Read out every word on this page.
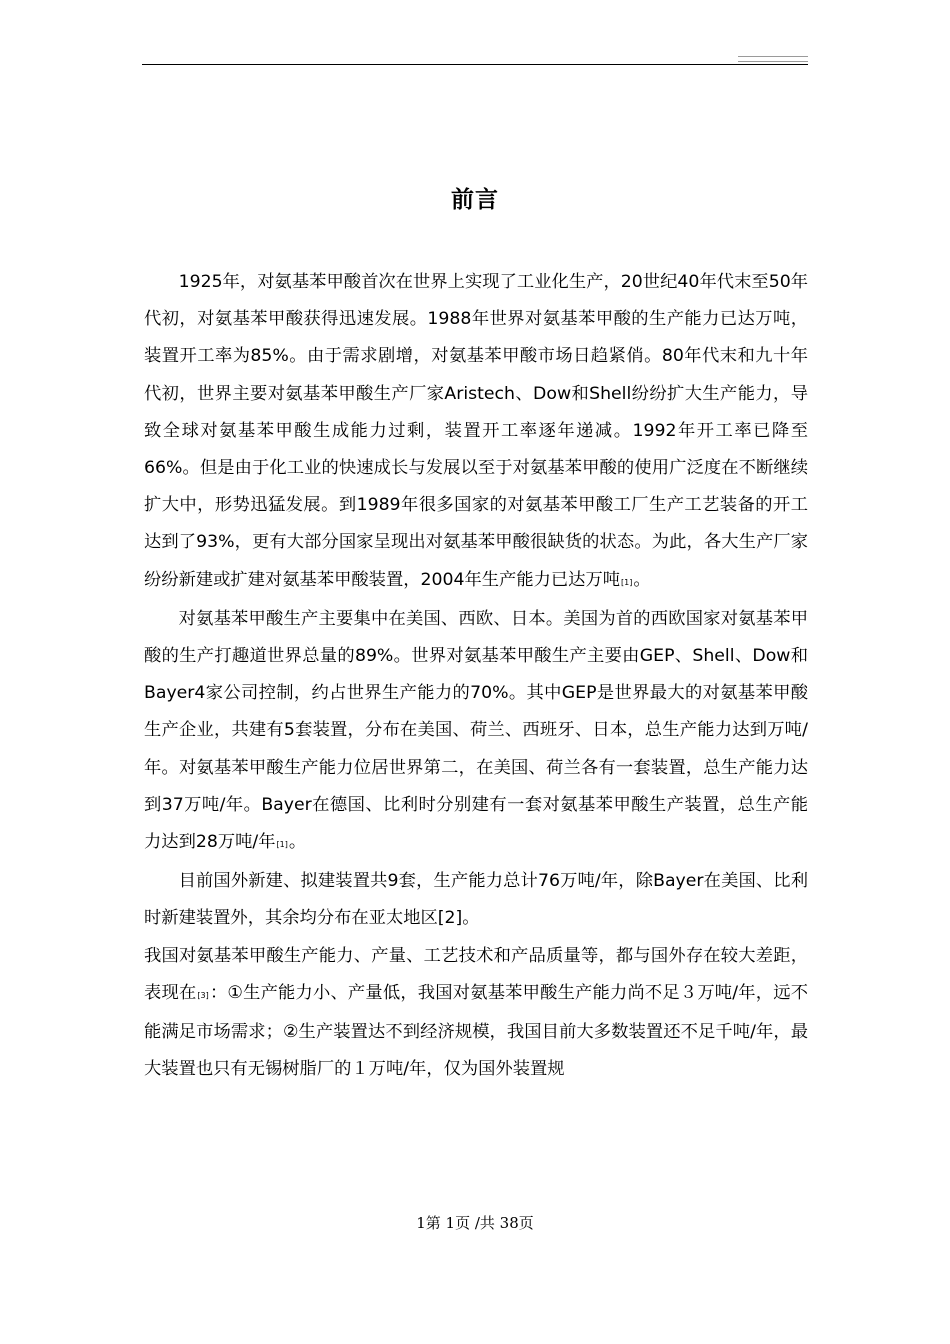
前言

1925年，对氨基苯甲酸首次在世界上实现了工业化生产，20世纪40年代末至50年代初，对氨基苯甲酸获得迅速发展。1988年世界对氨基苯甲酸的生产能力已达万吨，装置开工率为85%。由于需求剧增，对氨基苯甲酸市场日趋紧俏。80年代末和九十年代初，世界主要对氨基苯甲酸生产厂家Aristech、Dow和Shell纷纷扩大生产能力，导致全球对氨基苯甲酸生成能力过剩，装置开工率逐年递减。1992年开工率已降至66%。但是由于化工业的快速成长与发展以至于对氨基苯甲酸的使用广泛度在不断继续扩大中，形势迅猛发展。到1989年很多国家的对氨基苯甲酸工厂生产工艺装备的开工达到了93%，更有大部分国家呈现出对氨基苯甲酸很缺货的状态。为此，各大生产厂家纷纷新建或扩建对氨基苯甲酸装置，2004年生产能力已达万吨[1]。

对氨基苯甲酸生产主要集中在美国、西欧、日本。美国为首的西欧国家对氨基苯甲酸的生产打趣道世界总量的89%。世界对氨基苯甲酸生产主要由GEP、Shell、Dow和Bayer4家公司控制，约占世界生产能力的70%。其中GEP是世界最大的对氨基苯甲酸生产企业，共建有5套装置，分布在美国、荷兰、西班牙、日本，总生产能力达到万吨/年。对氨基苯甲酸生产能力位居世界第二，在美国、荷兰各有一套装置，总生产能力达到37万吨/年。Bayer在德国、比利时分别建有一套对氨基苯甲酸生产装置，总生产能力达到28万吨/年[1]。

目前国外新建、拟建装置共9套，生产能力总计76万吨/年，除Bayer在美国、比利时新建装置外，其余均分布在亚太地区[2]。

我国对氨基苯甲酸生产能力、产量、工艺技术和产品质量等，都与国外存在较大差距，表现在[3]：①生产能力小、产量低，我国对氨基苯甲酸生产能力尚不足３万吨/年，远不能满足市场需求；②生产装置达不到经济规模，我国目前大多数装置还不足千吨/年，最大装置也只有无锡树脂厂的１万吨/年，仅为国外装置规

1第 1页 /共 38页
